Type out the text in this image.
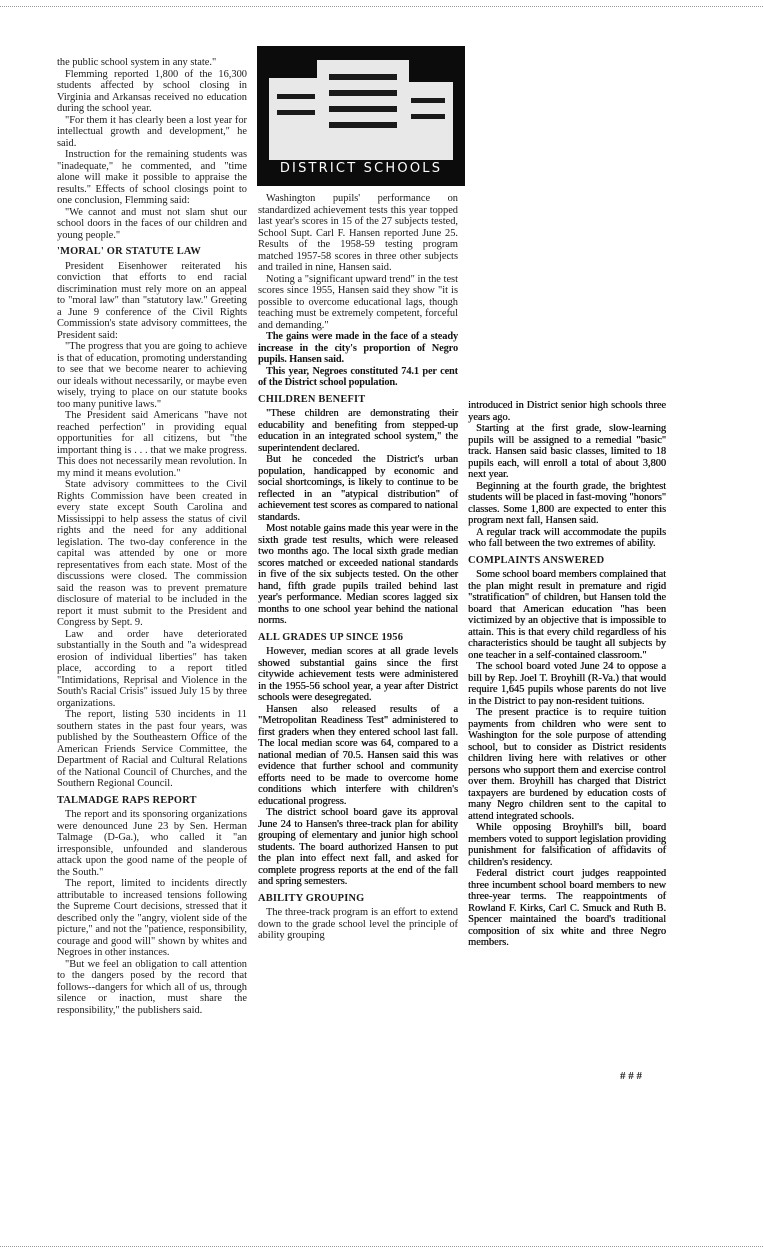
the public school system in any state."

Flemming reported 1,800 of the 16,300 students affected by school closing in Virginia and Arkansas received no education during the school year.

"For them it has clearly been a lost year for intellectual growth and development," he said.

Instruction for the remaining students was "inadequate," he commented, and "time alone will make it possible to appraise the results." Effects of school closings point to one conclusion, Flemming said:

"We cannot and must not slam shut our school doors in the faces of our children and young people."

'MORAL' OR STATUTE LAW

President Eisenhower reiterated his conviction that efforts to end racial discrimination must rely more on an appeal to "moral law" than "statutory law." Greeting a June 9 conference of the Civil Rights Commission's state advisory committees, the President said:

"The progress that you are going to achieve is that of education, promoting understanding to see that we become nearer to achieving our ideals without necessarily, or maybe even wisely, trying to place on our statute books too many punitive laws."

The President said Americans "have not reached perfection" in providing equal opportunities for all citizens, but "the important thing is . . . that we make progress. This does not necessarily mean revolution. In my mind it means evolution."

State advisory committees to the Civil Rights Commission have been created in every state except South Carolina and Mississippi to help assess the status of civil rights and the need for any additional legislation. The two-day conference in the capital was attended by one or more representatives from each state. Most of the discussions were closed. The commission said the reason was to prevent premature disclosure of material to be included in the report it must submit to the President and Congress by Sept. 9.

Law and order have deteriorated substantially in the South and "a widespread erosion of individual liberties" has taken place, according to a report titled "Intimidations, Reprisal and Violence in the South's Racial Crisis" issued July 15 by three organizations.

The report, listing 530 incidents in 11 southern states in the past four years, was published by the Southeastern Office of the American Friends Service Committee, the Department of Racial and Cultural Relations of the National Council of Churches, and the Southern Regional Council.

TALMADGE RAPS REPORT

The report and its sponsoring organizations were denounced June 23 by Sen. Herman Talmage (D-Ga.), who called it "an irresponsible, unfounded and slanderous attack upon the good name of the people of the South."

The report, limited to incidents directly attributable to increased tensions following the Supreme Court decisions, stressed that it described only the "angry, violent side of the picture," and not the "patience, responsibility, courage and good will" shown by whites and Negroes in other instances.

"But we feel an obligation to call attention to the dangers posed by the record that follows--dangers for which all of us, through silence or inaction, must share the responsibility," the publishers said.

DISTRICT SCHOOLS

Washington pupils' performance on standardized achievement tests this year topped last year's scores in 15 of the 27 subjects tested, School Supt. Carl F. Hansen reported June 25. Results of the 1958-59 testing program matched 1957-58 scores in three other subjects and trailed in nine, Hansen said.

Noting a "significant upward trend" in the test scores since 1955, Hansen said they show "it is possible to overcome educational lags, though teaching must be extremely competent, forceful and demanding."

The gains were made in the face of a steady increase in the city's proportion of Negro pupils. Hansen said.

This year, Negroes constituted 74.1 per cent of the District school population.

CHILDREN BENEFIT

"These children are demonstrating their educability and benefiting from stepped-up education in an integrated school system," the superintendent declared.

But he conceded the District's urban population, handicapped by economic and social shortcomings, is likely to continue to be reflected in an "atypical distribution" of achievement test scores as compared to national standards.

Most notable gains made this year were in the sixth grade test results, which were released two months ago. The local sixth grade median scores matched or exceeded national standards in five of the six subjects tested. On the other hand, fifth grade pupils trailed behind last year's performance. Median scores lagged six months to one school year behind the national norms.

ALL GRADES UP SINCE 1956

However, median scores at all grade levels showed substantial gains since the first citywide achievement tests were administered in the 1955-56 school year, a year after District schools were desegregated.

Hansen also released results of a "Metropolitan Readiness Test" administered to first graders when they entered school last fall. The local median score was 64, compared to a national median of 70.5. Hansen said this was evidence that further school and community efforts need to be made to overcome home conditions which interfere with children's educational progress.

The district school board gave its approval June 24 to Hansen's three-track plan for ability grouping of elementary and junior high school students. The board authorized Hansen to put the plan into effect next fall, and asked for complete progress reports at the end of the fall and spring semesters.

ABILITY GROUPING

The three-track program is an effort to extend down to the grade school level the principle of ability grouping

introduced in District senior high schools three years ago.

Starting at the first grade, slow-learning pupils will be assigned to a remedial "basic" track. Hansen said basic classes, limited to 18 pupils each, will enroll a total of about 3,800 next year.

Beginning at the fourth grade, the brightest students will be placed in fast-moving "honors" classes. Some 1,800 are expected to enter this program next fall, Hansen said.

A regular track will accommodate the pupils who fall between the two extremes of ability.

COMPLAINTS ANSWERED

Some school board members complained that the plan might result in premature and rigid "stratification" of children, but Hansen told the board that American education "has been victimized by an objective that is impossible to attain. This is that every child regardless of his characteristics should be taught all subjects by one teacher in a self-contained classroom."

The school board voted June 24 to oppose a bill by Rep. Joel T. Broyhill (R-Va.) that would require 1,645 pupils whose parents do not live in the District to pay non-resident tuitions.

The present practice is to require tuition payments from children who were sent to Washington for the sole purpose of attending school, but to consider as District residents children living here with relatives or other persons who support them and exercise control over them. Broyhill has charged that District taxpayers are burdened by education costs of many Negro children sent to the capital to attend integrated schools.

While opposing Broyhill's bill, board members voted to support legislation providing punishment for falsification of affidavits of children's residency.

Federal district court judges reappointed three incumbent school board members to new three-year terms. The reappointments of Rowland F. Kirks, Carl C. Smuck and Ruth B. Spencer maintained the board's traditional composition of six white and three Negro members.

# # #
